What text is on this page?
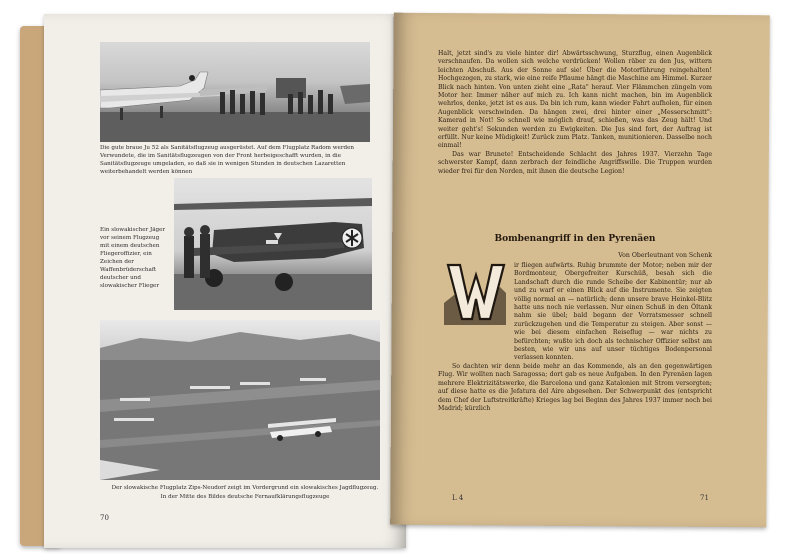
Die gute braue Ju 52 als Sanitätsflugzeug ausgerüstet. Auf dem Flugplatz Radom werden Verwundete, die im Sanitätsflugzeugen von der Front herbeigeschafft wurden, in die Sanitätsflugzeuge umgeladen, so daß sie in wenigen Stunden in deutschen Lazaretten weiterbehandelt werden können
Ein slowakischer Jäger vor seinem Flugzeug mit einem deutschen Fliegeroffizier, ein Zeichen der Waffenbrüderschaft deutscher und slowakischer Flieger
Der slowakische Flugplatz Zips-Neudorf zeigt im Vordergrund ein slowakisches Jagdflugzeug.
In der Mitte des Bildes deutsche Fernaufklärungsflugzeuge
70

Halt, jetzt sind's zu viele hinter dir! Abwärtsschwung, Sturzflug, einen Augenblick verschnaufen. Da wollen sich welche verdrücken! Wollen räber zu den Jus, wittern leichten Abschuß. Aus der Sonne auf sie! Über die Motorführung reingehalten! Hochgezogen, zu stark, wie eine reife Pflaume hängt die Maschine am Himmel. Kurzer Blick nach hinten. Von unten zieht eine „Rata" herauf. Vier Flämmchen züngeln vom Motor her. Immer näher auf mich zu. Ich kann nicht machen, bin im Augenblick wehrlos, denke, jetzt ist es aus. Da bin ich rum, kann wieder Fahrt aufholen, für einen Augenblick verschwinden. Da hängen zwei, drei hinter einer „Messerschmitt": Kamerad in Not! So schnell wie möglich drauf, schießen, was das Zeug hält! Und weiter geht's! Sekunden werden zu Ewigkeiten. Die Jus sind fort, der Auftrag ist erfüllt. Nur keine Müdigkeit! Zurück zum Platz. Tanken, munitionieren. Dasselbe noch einmal!

Das war Brunete! Entscheidende Schlacht des Jahres 1937. Vierzehn Tage schwerster Kampf, dann zerbrach der feindliche Angriffswille. Die Truppen wurden wieder frei für den Norden, mit ihnen die deutsche Legion!

Bombenangriff in den Pyrenäen
Von Oberleutnant von Schenk
W

ir fliegen aufwärts. Ruhig brummte der Motor; neben mir der Bordmonteur, Obergefreiter Kurschüß, besah sich die Landschaft durch die runde Scheibe der Kabinentür; nur ab und zu warf er einen Blick auf die Instrumente. Sie zeigten völlig normal an — natürlich; denn unsere brave Heinkel-Blitz hatte uns noch nie verlassen. Nur einen Schuß in den Öltank nahm sie übel; bald begann der Vorratsmesser schnell zurückzugehen und die Temperatur zu steigen. Aber sonst — wie bei diesem einfachen Reiseflug — war nichts zu befürchten; wußte ich doch als technischer Offizier selbst am besten, wie wir uns auf unser tüchtiges Bodenpersonal verlassen konnten.

So dachten wir denn beide mehr an das Kommende, als an den gegenwärtigen Flug. Wir wollten nach Saragossa; dort gab es neue Aufgaben. In den Pyrenäen lagen mehrere Elektrizitätswerke, die Barcelona und ganz Katalonien mit Strom versorgten; auf diese hatte es die Jefatura del Aire abgesehen. Der Schwerpunkt des (entspricht dem Chef der Luftstreitkräfte) Krieges lag bei Beginn des Jahres 1937 immer noch bei Madrid; kürzlich

L 4	71
